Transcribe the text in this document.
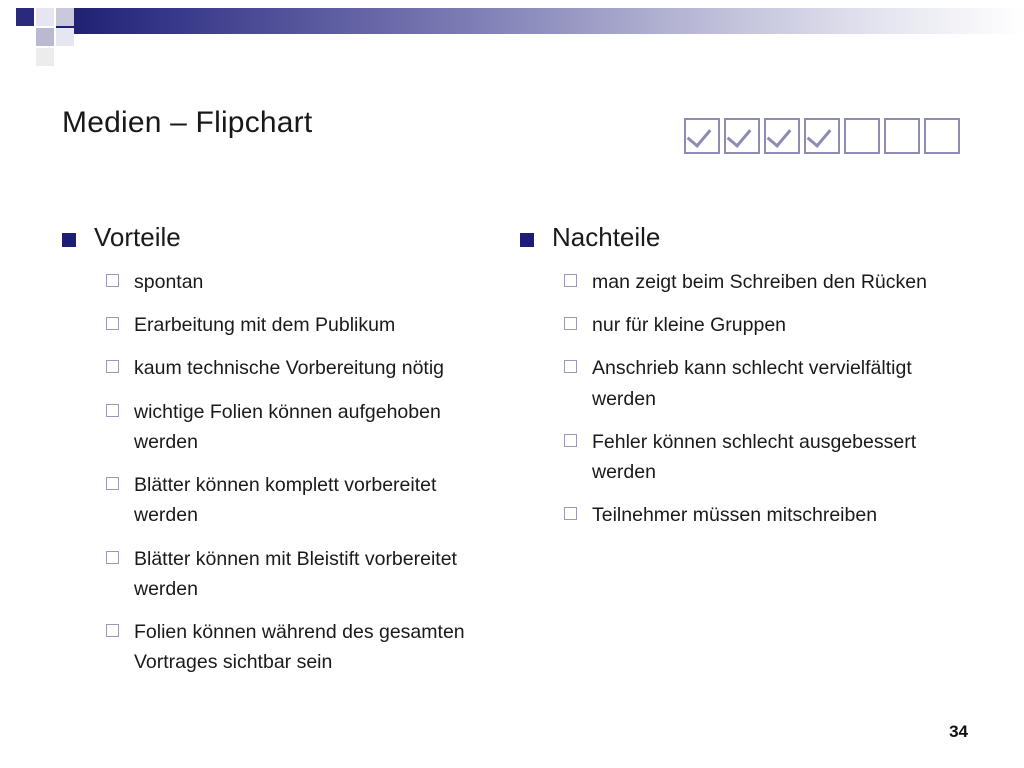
Medien – Flipchart
Vorteile
spontan
Erarbeitung mit dem Publikum
kaum technische Vorbereitung nötig
wichtige Folien können aufgehoben werden
Blätter können komplett vorbereitet werden
Blätter können mit Bleistift vorbereitet werden
Folien können während des gesamten Vortrages sichtbar sein
Nachteile
man zeigt beim Schreiben den Rücken
nur für kleine Gruppen
Anschrieb kann schlecht vervielfältigt werden
Fehler können schlecht ausgebessert werden
Teilnehmer müssen mitschreiben
34
